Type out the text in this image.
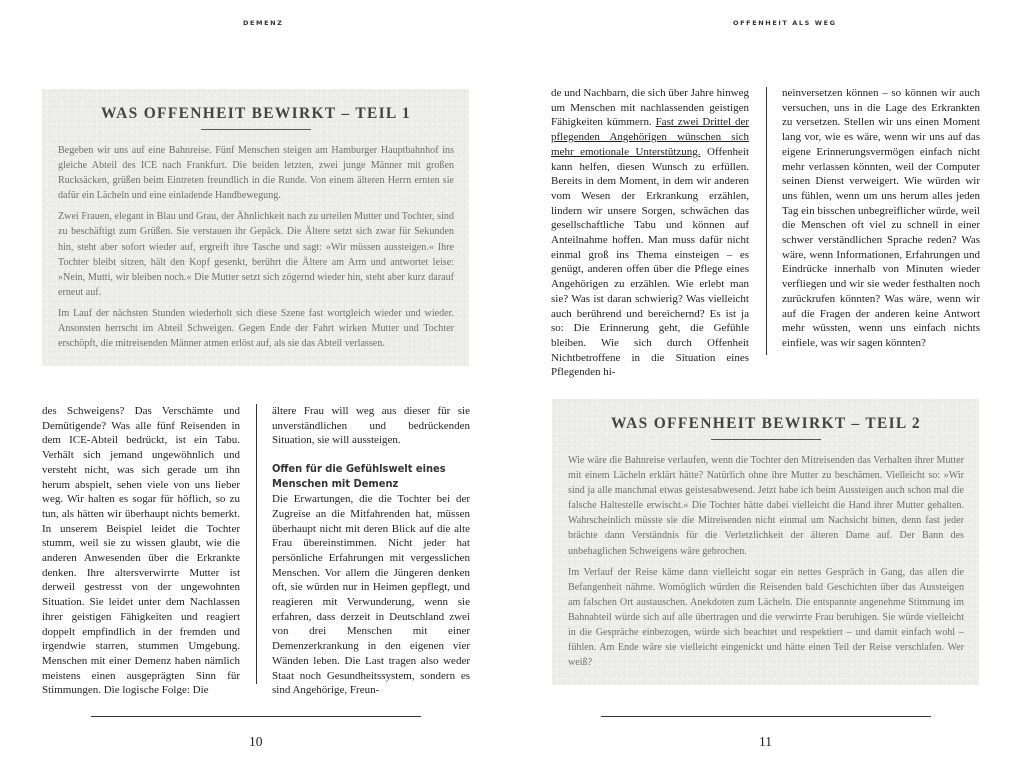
DEMENZ	OFFENHEIT ALS WEG
WAS OFFENHEIT BEWIRKT – TEIL 1

Begeben wir uns auf eine Bahnreise. Fünf Menschen steigen am Hamburger Hauptbahnhof ins gleiche Abteil des ICE nach Frankfurt. Die beiden letzten, zwei junge Männer mit großen Rucksäcken, grüßen beim Eintreten freundlich in die Runde. Von einem älteren Herrn ernten sie dafür ein Lächeln und eine einladende Handbewegung.

Zwei Frauen, elegant in Blau und Grau, der Ähnlichkeit nach zu urteilen Mutter und Tochter, sind zu beschäftigt zum Grüßen. Sie verstauen ihr Gepäck. Die Ältere setzt sich zwar für Sekunden hin, steht aber sofort wieder auf, ergreift ihre Tasche und sagt: »Wir müssen aussteigen.« Ihre Tochter bleibt sitzen, hält den Kopf gesenkt, berührt die Ältere am Arm und antwortet leise: »Nein, Mutti, wir bleiben noch.« Die Mutter setzt sich zögernd wieder hin, steht aber kurz darauf erneut auf.

Im Lauf der nächsten Stunden wiederholt sich diese Szene fast wortgleich wieder und wieder. Ansonsten herrscht im Abteil Schweigen. Gegen Ende der Fahrt wirken Mutter und Tochter erschöpft, die mitreisenden Männer atmen erlöst auf, als sie das Abteil verlassen.

des Schweigens? Das Verschämte und Demütigende? Was alle fünf Reisenden in dem ICE-Abteil bedrückt, ist ein Tabu. Verhält sich jemand ungewöhnlich und versteht nicht, was sich gerade um ihn herum abspielt, sehen viele von uns lieber weg. Wir halten es sogar für höflich, so zu tun, als hätten wir überhaupt nichts bemerkt. In unserem Beispiel leidet die Tochter stumm, weil sie zu wissen glaubt, wie die anderen Anwesenden über die Erkrankte denken. Ihre altersverwirrte Mutter ist derweil gestresst von der ungewohnten Situation. Sie leidet unter dem Nachlassen ihrer geistigen Fähigkeiten und reagiert doppelt empfindlich in der fremden und irgendwie starren, stummen Umgebung. Menschen mit einer Demenz haben nämlich meistens einen ausgeprägten Sinn für Stimmungen. Die logische Folge: Die
ältere Frau will weg aus dieser für sie unverständlichen und bedrückenden Situation, sie will aussteigen.
Offen für die Gefühlswelt eines Menschen mit Demenz
Die Erwartungen, die die Tochter bei der Zugreise an die Mitfahrenden hat, müssen überhaupt nicht mit deren Blick auf die alte Frau übereinstimmen. Nicht jeder hat persönliche Erfahrungen mit vergesslichen Menschen. Vor allem die Jüngeren denken oft, sie würden nur in Heimen gepflegt, und reagieren mit Verwunderung, wenn sie erfahren, dass derzeit in Deutschland zwei von drei Menschen mit einer Demenzerkrankung in den eigenen vier Wänden leben. Die Last tragen also weder Staat noch Gesundheitssystem, sondern es sind Angehörige, Freun-
de und Nachbarn, die sich über Jahre hinweg um Menschen mit nachlassenden geistigen Fähigkeiten kümmern. Fast zwei Drittel der pflegenden Angehörigen wünschen sich mehr emotionale Unterstützung. Offenheit kann helfen, diesen Wunsch zu erfüllen. Bereits in dem Moment, in dem wir anderen vom Wesen der Erkrankung erzählen, lindern wir unsere Sorgen, schwächen das gesellschaftliche Tabu und können auf Anteilnahme hoffen. Man muss dafür nicht einmal groß ins Thema einsteigen – es genügt, anderen offen über die Pflege eines Angehörigen zu erzählen. Wie erlebt man sie? Was ist daran schwierig? Was vielleicht auch berührend und bereichernd? Es ist ja so: Die Erinnerung geht, die Gefühle bleiben. Wie sich durch Offenheit Nichtbetroffene in die Situation eines Pflegenden hi-
neinversetzen können – so können wir auch versuchen, uns in die Lage des Erkrankten zu versetzen. Stellen wir uns einen Moment lang vor, wie es wäre, wenn wir uns auf das eigene Erinnerungsvermögen einfach nicht mehr verlassen könnten, weil der Computer seinen Dienst verweigert. Wie würden wir uns fühlen, wenn um uns herum alles jeden Tag ein bisschen unbegreiflicher würde, weil die Menschen oft viel zu schnell in einer schwer verständlichen Sprache reden? Was wäre, wenn Informationen, Erfahrungen und Eindrücke innerhalb von Minuten wieder verfliegen und wir sie weder festhalten noch zurückrufen könnten? Was wäre, wenn wir auf die Fragen der anderen keine Antwort mehr wüssten, wenn uns einfach nichts einfiele, was wir sagen könnten?
WAS OFFENHEIT BEWIRKT – TEIL 2

Wie wäre die Bahnreise verlaufen, wenn die Tochter den Mitreisenden das Verhalten ihrer Mutter mit einem Lächeln erklärt hätte? Natürlich ohne ihre Mutter zu beschämen. Vielleicht so: »Wir sind ja alle manchmal etwas geistesabwesend. Jetzt habe ich beim Aussteigen auch schon mal die falsche Haltestelle erwischt.« Die Tochter hätte dabei vielleicht die Hand ihrer Mutter gehalten. Wahrscheinlich müsste sie die Mitreisenden nicht einmal um Nachsicht bitten, denn fast jeder brächte dann Verständnis für die Verletzlichkeit der älteren Dame auf. Der Bann des unbehaglichen Schweigens wäre gebrochen.

Im Verlauf der Reise käme dann vielleicht sogar ein nettes Gespräch in Gang, das allen die Befangenheit nähme. Womöglich würden die Reisenden bald Geschichten über das Aussteigen am falschen Ort austauschen. Anekdoten zum Lächeln. Die entspannte angenehme Stimmung im Bahnabteil würde sich auf alle übertragen und die verwirrte Frau beruhigen. Sie würde vielleicht in die Gespräche einbezogen, würde sich beachtet und respektiert – und damit einfach wohl – fühlen. Am Ende wäre sie vielleicht eingenickt und hätte einen Teil der Reise verschlafen. Wer weiß?

10	11
